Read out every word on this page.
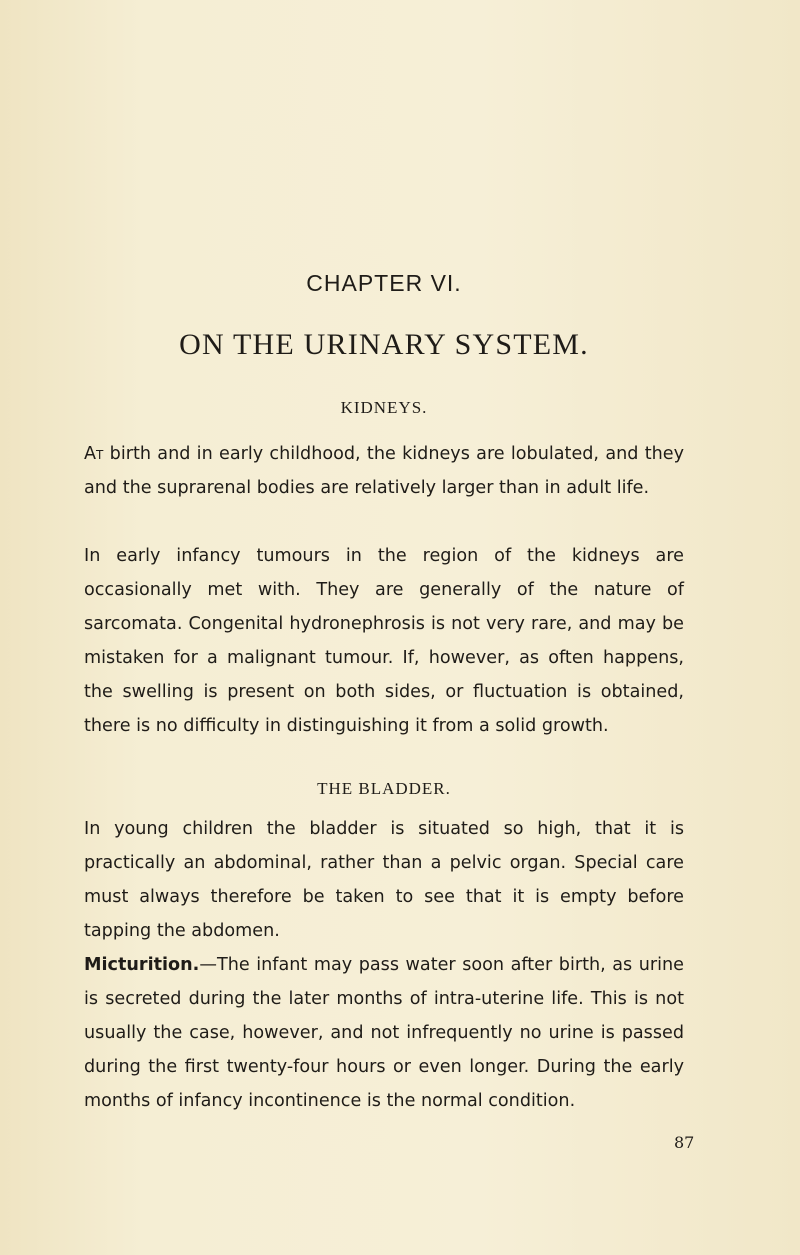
CHAPTER VI.
ON THE URINARY SYSTEM.
KIDNEYS.

At birth and in early childhood, the kidneys are lobulated, and they and the suprarenal bodies are relatively larger than in adult life.

In early infancy tumours in the region of the kidneys are occasionally met with. They are generally of the nature of sarcomata. Congenital hydronephrosis is not very rare, and may be mistaken for a malignant tumour. If, however, as often happens, the swelling is present on both sides, or fluctuation is obtained, there is no difficulty in distinguishing it from a solid growth.

THE BLADDER.

In young children the bladder is situated so high, that it is practically an abdominal, rather than a pelvic organ. Special care must always therefore be taken to see that it is empty before tapping the abdomen.

Micturition.—The infant may pass water soon after birth, as urine is secreted during the later months of intra-uterine life. This is not usually the case, however, and not infrequently no urine is passed during the first twenty-four hours or even longer. During the early months of infancy incontinence is the normal condition.

87
